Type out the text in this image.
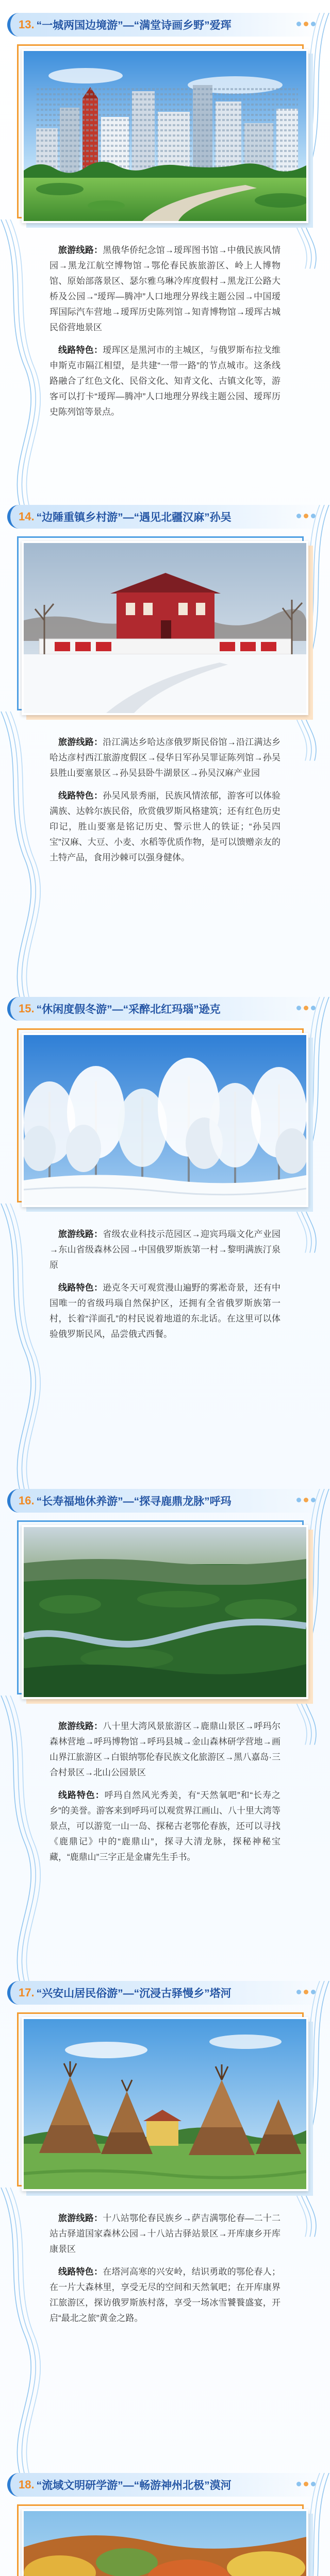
13. “一城两国边境游”—“满堂诗画乡野”爱珲

旅游线路：黑俄华侨纪念馆→瑷珲图书馆→中俄民族风情园→黑龙江航空博物馆→鄂伦春民族旅游区、岭上人博物馆、原始部落景区、瑟尔雅乌琳冷库度假村→黑龙江公路大桥及公园→“瑷珲—腾冲”人口地理分界线主题公园→中国瑷珲国际汽车营地→瑷珲历史陈列馆→知青博物馆→瑷珲古城民俗营地景区

线路特色：瑷珲区是黑河市的主城区，与俄罗斯布拉戈维申斯克市隔江相望，是共建“一带一路”的节点城市。这条线路融合了红色文化、民俗文化、知青文化、古镇文化等，游客可以打卡“瑷珲—腾冲”人口地理分界线主题公园、瑷珲历史陈列馆等景点。

14. “边陲重镇乡村游”—“遇见北疆汉麻”孙吴

旅游线路：沿江满达乡哈达彦俄罗斯民俗馆→沿江满达乡哈达彦村西江旅游度假区→侵华日军孙吴罪证陈列馆→孙吴县胜山要塞景区→孙吴县卧牛湖景区→孙吴汉麻产业园

线路特色：孙吴风景秀丽，民族风情浓郁，游客可以体验满族、达斡尔族民俗，欣赏俄罗斯风格建筑；还有红色历史印记，胜山要塞是铭记历史、警示世人的铁证；“孙吴四宝”汉麻、大豆、小麦、水稻等优质作物，是可以馈赠亲友的土特产品，食用沙棘可以强身健体。

15. “休闲度假冬游”—“采醉北红玛瑙”逊克

旅游线路：省级农业科技示范园区→迎宾玛瑙文化产业园→东山省级森林公园→中国俄罗斯族第一村→黎明满族汀泉原

线路特色：逊克冬天可观赏漫山遍野的雾凇奇景，还有中国唯一的省级玛瑙自然保护区，还拥有全省俄罗斯族第一村，长着“洋面孔”的村民说着地道的东北话。在这里可以体验俄罗斯民风，品尝俄式西餐。

16. “长寿福地休养游”—“探寻鹿鼎龙脉”呼玛

旅游线路：八十里大湾风景旅游区→鹿鼎山景区→呼玛尔森林营地→呼玛博物馆→呼玛县城→金山森林研学营地→画山界江旅游区→白银纳鄂伦春民族文化旅游区→黑八嘉岛·三合村景区→北山公园景区

线路特色：呼玛自然风光秀美，有“天然氧吧”和“长寿之乡”的美誉。游客来到呼玛可以观赏界江画山、八十里大湾等景点，可以游览一山一岛、探秘古老鄂伦春族，还可以寻找《鹿鼎记》中的“鹿鼎山”，探寻大清龙脉，探秘神秘宝藏，“鹿鼎山”三字正是金庸先生手书。

17. “兴安山居民俗游”—“沉浸古驿慢乡”塔河

旅游线路：十八站鄂伦春民族乡→萨吉满鄂伦春—二十二站古驿道国家森林公园→十八站古驿站景区→开库康乡开库康景区

线路特色：在塔河高寒的兴安岭，结识勇敢的鄂伦春人；在一片大森林里，享受无尽的空间和天然氧吧；在开库康界江旅游区，探访俄罗斯族村落，享受一场冰雪饕餮盛宴，开启“最北之旅”黄金之路。

18. “流域文明研学游”—“畅游神州北极”漠河
